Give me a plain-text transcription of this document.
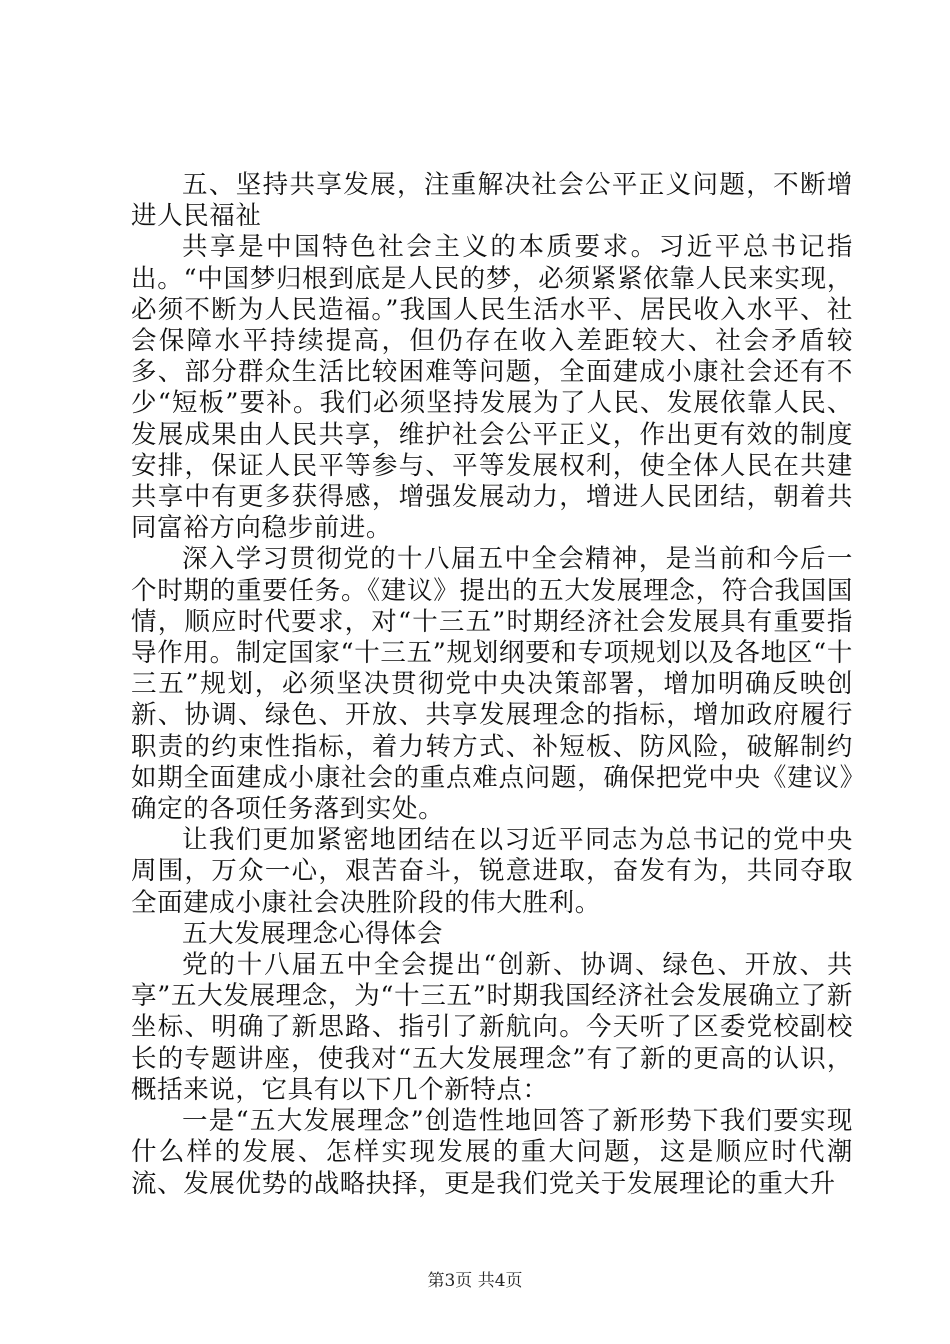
五、坚持共享发展，注重解决社会公平正义问题，不断增进人民福祉

共享是中国特色社会主义的本质要求。习近平总书记指出。“中国梦归根到底是人民的梦，必须紧紧依靠人民来实现，必须不断为人民造福。”我国人民生活水平、居民收入水平、社会保障水平持续提高，但仍存在收入差距较大、社会矛盾较多、部分群众生活比较困难等问题，全面建成小康社会还有不少“短板”要补。我们必须坚持发展为了人民、发展依靠人民、发展成果由人民共享，维护社会公平正义，作出更有效的制度安排，保证人民平等参与、平等发展权利，使全体人民在共建共享中有更多获得感，增强发展动力，增进人民团结，朝着共同富裕方向稳步前进。

深入学习贯彻党的十八届五中全会精神，是当前和今后一个时期的重要任务。《建议》提出的五大发展理念，符合我国国情，顺应时代要求，对“十三五”时期经济社会发展具有重要指导作用。制定国家“十三五”规划纲要和专项规划以及各地区“十三五”规划，必须坚决贯彻党中央决策部署，增加明确反映创新、协调、绿色、开放、共享发展理念的指标，增加政府履行职责的约束性指标，着力转方式、补短板、防风险，破解制约如期全面建成小康社会的重点难点问题，确保把党中央《建议》确定的各项任务落到实处。

让我们更加紧密地团结在以习近平同志为总书记的党中央周围，万众一心，艰苦奋斗，锐意进取，奋发有为，共同夺取全面建成小康社会决胜阶段的伟大胜利。

五大发展理念心得体会

党的十八届五中全会提出“创新、协调、绿色、开放、共享”五大发展理念，为“十三五”时期我国经济社会发展确立了新坐标、明确了新思路、指引了新航向。今天听了区委党校副校长的专题讲座，使我对“五大发展理念”有了新的更高的认识，概括来说，它具有以下几个新特点：

一是“五大发展理念”创造性地回答了新形势下我们要实现什么样的发展、怎样实现发展的重大问题，这是顺应时代潮流、发展优势的战略抉择，更是我们党关于发展理论的重大升

第3页 共4页
